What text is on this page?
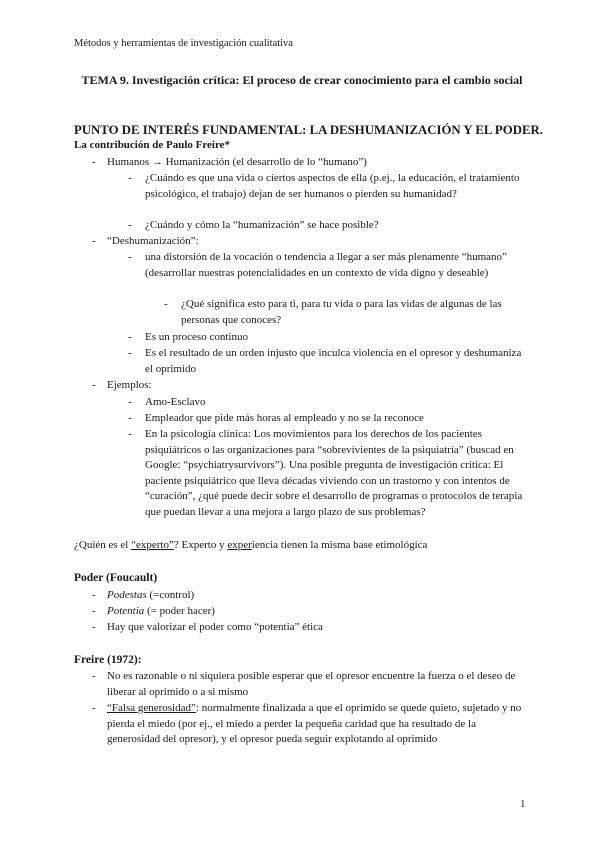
Métodos y herramientas de investigación cualitativa
TEMA 9. Investigación crítica: El proceso de crear conocimiento para el cambio social
PUNTO DE INTERÉS FUNDAMENTAL: LA DESHUMANIZACIÓN Y EL PODER.
La contribución de Paulo Freire*
- Humanos → Humanización (el desarrollo de lo “humano”)
- ¿Cuándo es que una vida o ciertos aspectos de ella (p.ej., la educación, el tratamiento psicológico, el trabajo) dejan de ser humanos o pierden su humanidad?
- ¿Cuándo y cómo la “humanización” se hace posible?
- “Deshumanización”:
- una distorsión de la vocación o tendencia a llegar a ser más plenamente “humano” (desarrollar nuestras potencialidades en un contexto de vida digno y deseable)
- ¿Qué significa esto para ti, para tu vida o para las vidas de algunas de las personas que conoces?
- Es un proceso continuo
- Es el resultado de un orden injusto que inculca violencia en el opresor y deshumaniza el oprimido
- Ejemplos:
- Amo-Esclavo
- Empleador que pide más horas al empleado y no se la reconoce
- En la psicología clínica: Los movimientos para los derechos de los pacientes psiquiátricos o las organizaciones para “sobrevivientes de la psiquiatría” (buscad en Google: “psychiatrysurvivors”). Una posible pregunta de investigación crítica: El paciente psiquiátrico que lleva décadas viviendo con un trastorno y con intentos de “curación”, ¿qué puede decir sobre el desarrollo de programas o protocolos de terapia que puedan llevar a una mejora a largo plazo de sus problemas?
¿Quién es el “experto”? Experto y experiencia tienen la misma base etimológica
Poder (Foucault)
- Podestas (=control)
- Potentia (= poder hacer)
- Hay que valorizar el poder como “potentia” ética
Freire (1972):
- No es razonable o ni siquiera posible esperar que el opresor encuentre la fuerza o el deseo de liberar al oprimido o a si mismo
- “Falsa generosidad”: normalmente finalizada a que el oprimido se quede quieto, sujetado y no pierda el miedo (por ej., el miedo a perder la pequeña caridad que ha resultado de la generosidad del opresor), y el opresor pueda seguir explotando al oprimido
1
